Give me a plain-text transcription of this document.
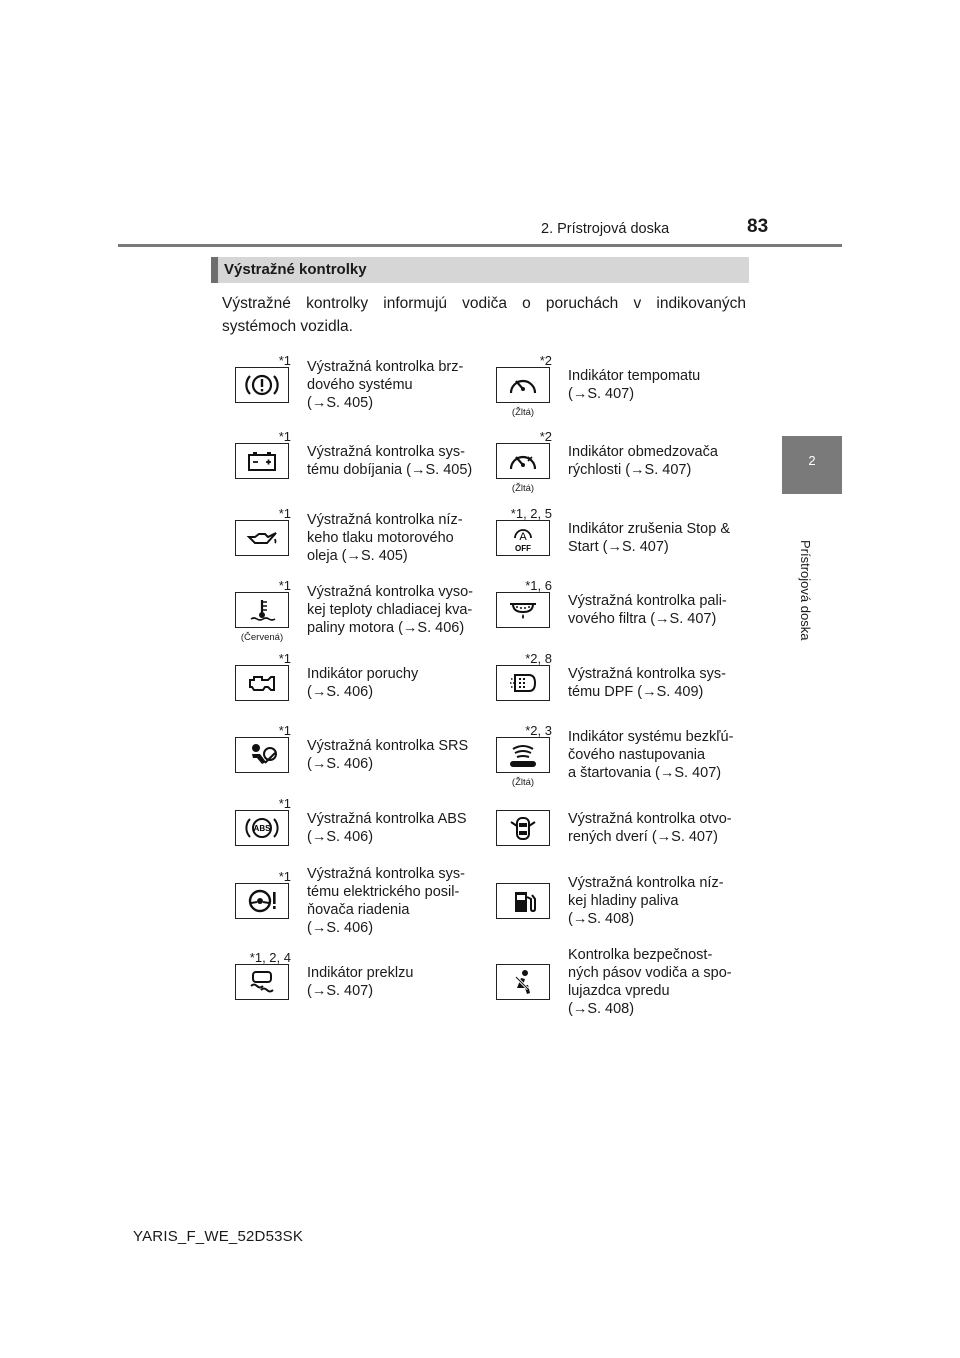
2. Prístrojová doska	83
2
Prístrojová doska
Výstražné kontrolky
Výstražné kontrolky informujú vodiča o poruchách v indikovaných systémoch vozidla.
*1 Výstražná kontrolka brz-
dového systému
(→S. 405)
*1
Výstražná kontrolka sys-
tému dobíjania (→S. 405)
*1 Výstražná kontrolka níz-
keho tlaku motorového
oleja (→S. 405)
*1
(Červená)
Výstražná kontrolka vyso-
kej teploty chladiacej kva-
paliny motora (→S. 406)
*1
Indikátor poruchy
(→S. 406)
*1
Výstražná kontrolka SRS
(→S. 406)
*1
ABS
Výstražná kontrolka ABS
(→S. 406)
*1 Výstražná kontrolka sys-
tému elektrického posil-
ňovača riadenia
(→S. 406)
*1, 2, 4
Indikátor preklzu
(→S. 407)
*2
(Žltá)
Indikátor tempomatu
(→S. 407)
*2
(Žltá)
Indikátor obmedzovača
rýchlosti (→S. 407)
*1, 2, 5
A
OFF
Indikátor zrušenia Stop &
Start (→S. 407)
*1, 6
Výstražná kontrolka pali-
vového filtra (→S. 407)
*2, 8
Výstražná kontrolka sys-
tému DPF (→S. 409)
*2, 3
(Žltá)
Indikátor systému bezkľú-
čového nastupovania
a štartovania (→S. 407)
Výstražná kontrolka otvo-
rených dverí (→S. 407)
Výstražná kontrolka níz-
kej hladiny paliva
(→S. 408)
Kontrolka bezpečnost-
ných pásov vodiča a spo-
lujazdca vpredu
(→S. 408)
YARIS_F_WE_52D53SK
